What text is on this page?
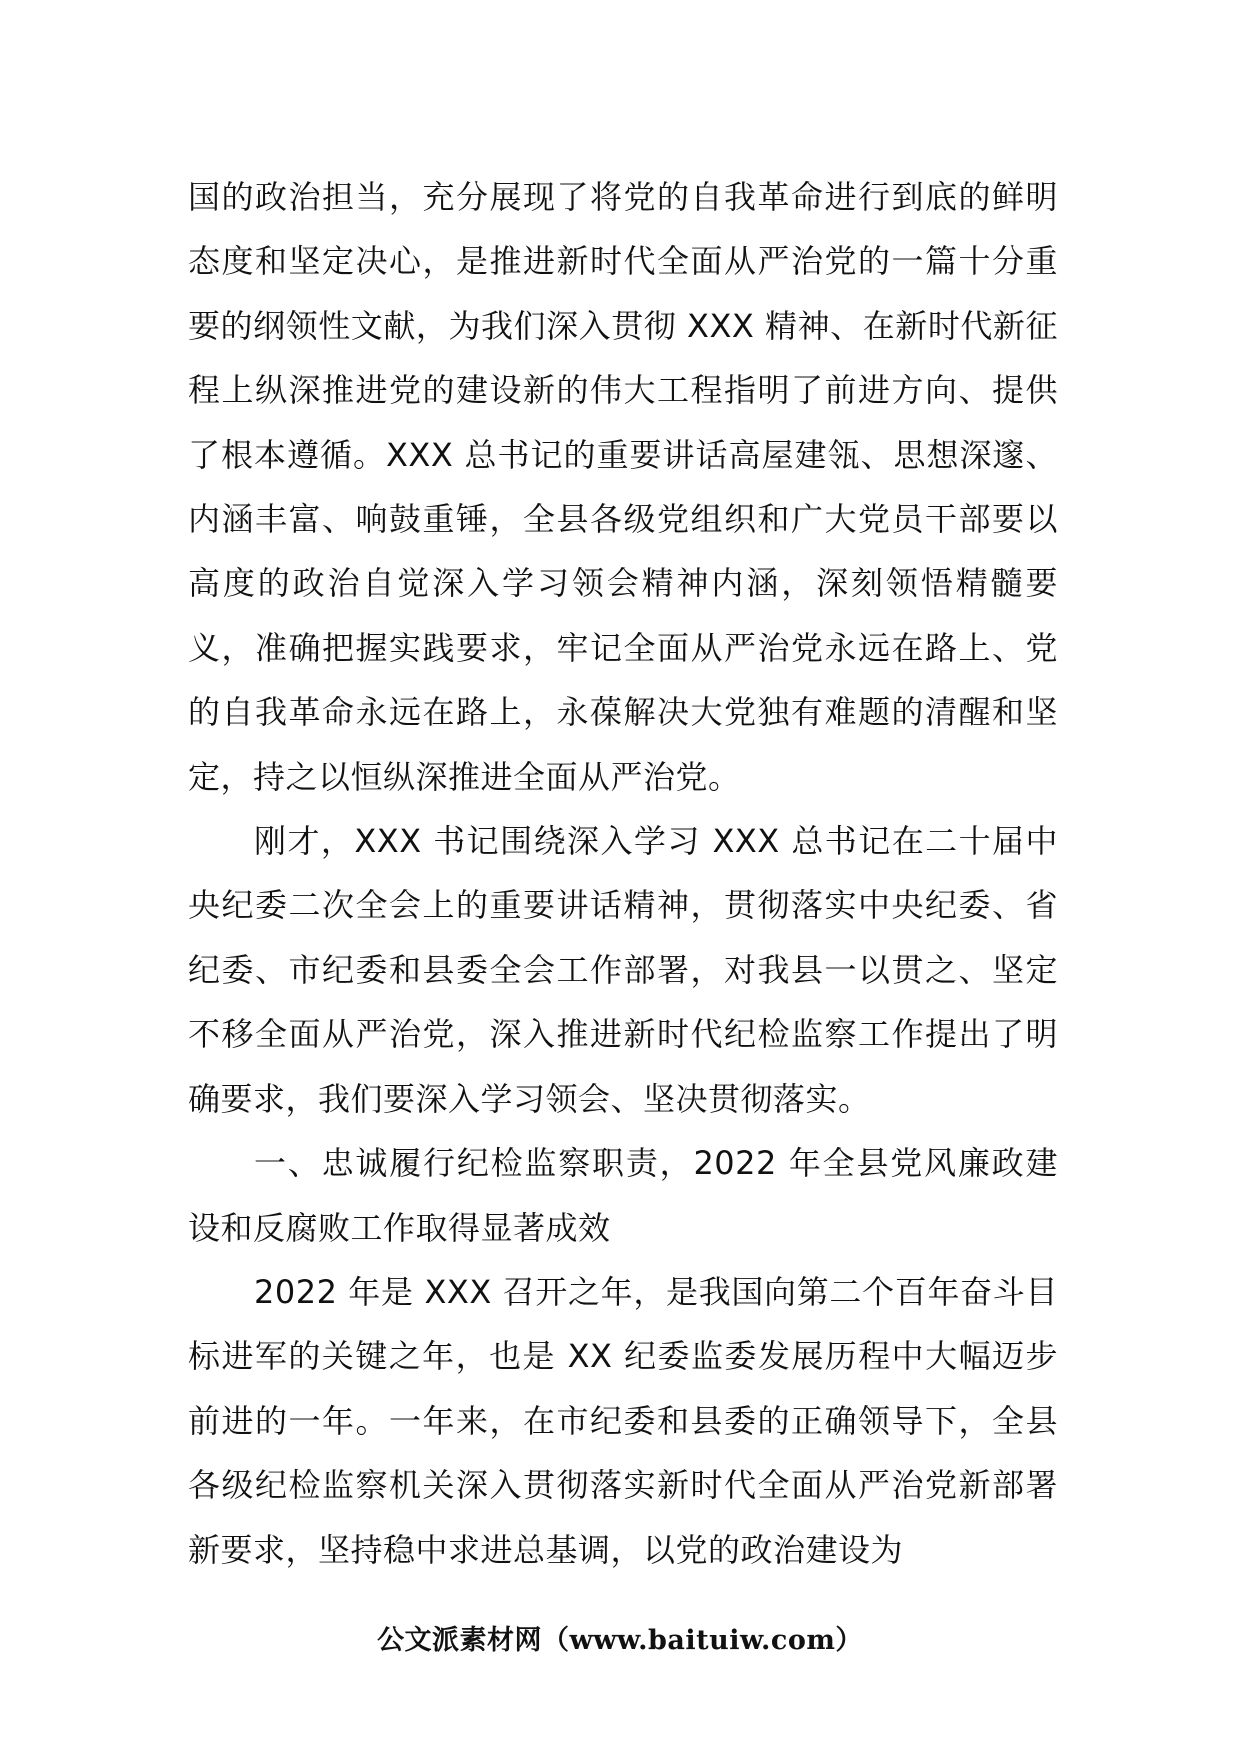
国的政治担当，充分展现了将党的自我革命进行到底的鲜明态度和坚定决心，是推进新时代全面从严治党的一篇十分重要的纲领性文献，为我们深入贯彻 XXX 精神、在新时代新征程上纵深推进党的建设新的伟大工程指明了前进方向、提供了根本遵循。XXX 总书记的重要讲话高屋建瓴、思想深邃、内涵丰富、响鼓重锤，全县各级党组织和广大党员干部要以高度的政治自觉深入学习领会精神内涵，深刻领悟精髓要义，准确把握实践要求，牢记全面从严治党永远在路上、党的自我革命永远在路上，永葆解决大党独有难题的清醒和坚定，持之以恒纵深推进全面从严治党。

刚才，XXX 书记围绕深入学习 XXX 总书记在二十届中央纪委二次全会上的重要讲话精神，贯彻落实中央纪委、省纪委、市纪委和县委全会工作部署，对我县一以贯之、坚定不移全面从严治党，深入推进新时代纪检监察工作提出了明确要求，我们要深入学习领会、坚决贯彻落实。

一、忠诚履行纪检监察职责，2022 年全县党风廉政建设和反腐败工作取得显著成效

2022 年是 XXX 召开之年，是我国向第二个百年奋斗目标进军的关键之年，也是 XX 纪委监委发展历程中大幅迈步前进的一年。一年来，在市纪委和县委的正确领导下，全县各级纪检监察机关深入贯彻落实新时代全面从严治党新部署新要求，坚持稳中求进总基调，以党的政治建设为

公文派素材网（www.baituiw.com）
